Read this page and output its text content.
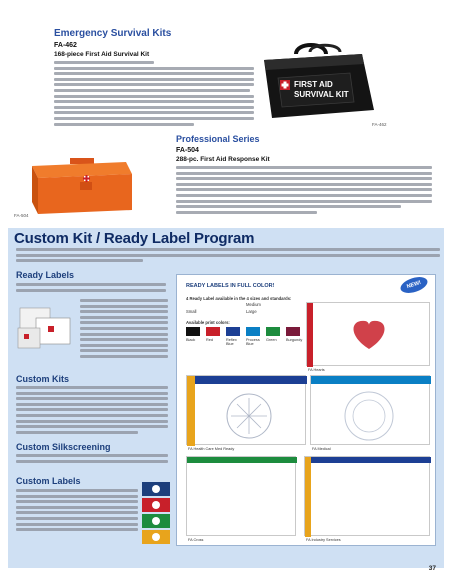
Emergency Survival Kits
FA-462
168-piece First Aid Survival Kit
FIRST AID
SURVIVAL KIT
FA-462
Professional Series
FA-504
288-pc. First Aid Response Kit
FA-504
Custom Kit / Ready Label Program
Ready Labels
Custom Kits
Custom Silkscreening
Custom Labels
READY LABELS IN FULL COLOR!	NEW!
4 Ready Label available in the 4 sizes and standards:
Small
Medium
Large
Available print colors:
Black	Red	Reflex Blue
Process Blue
Green Burgundy
FA Hearts
FA Health Care Med Ready	FA Medical
FA Cross	FA Industry Services
37
